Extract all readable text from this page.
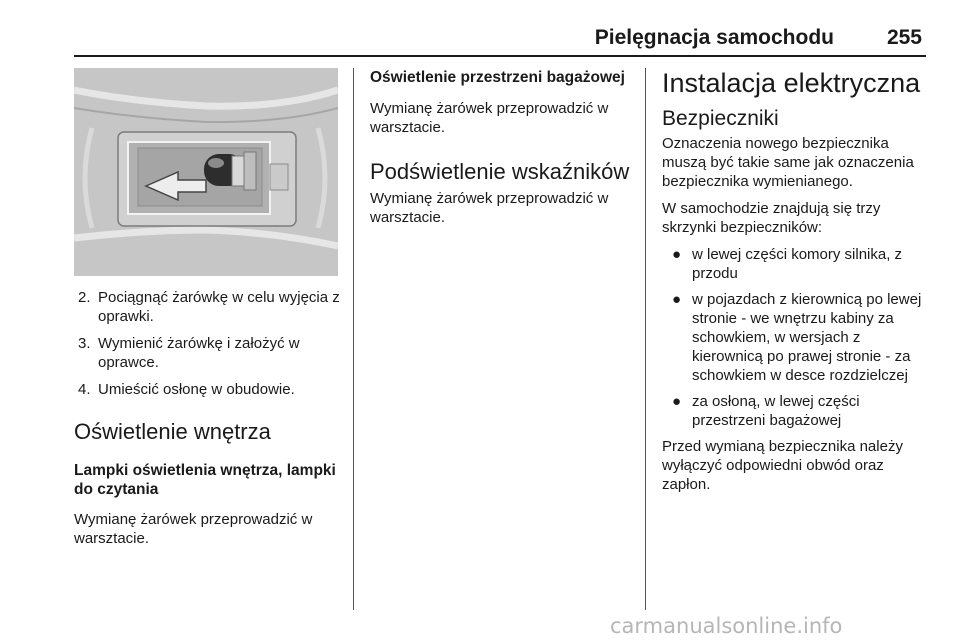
Pielęgnacja samochodu	255
2. Pociągnąć żarówkę w celu wyjęcia z oprawki.
3. Wymienić żarówkę i założyć w oprawce.
4. Umieścić osłonę w obudowie.
Oświetlenie wnętrza
Lampki oświetlenia wnętrza, lampki do czytania

Wymianę żarówek przeprowadzić w warsztacie.

Oświetlenie przestrzeni bagażowej

Wymianę żarówek przeprowadzić w warsztacie.

Podświetlenie wskaźników

Wymianę żarówek przeprowadzić w warsztacie.

Instalacja elektryczna
Bezpieczniki

Oznaczenia nowego bezpiecznika muszą być takie same jak oznaczenia bezpiecznika wymienianego.

W samochodzie znajdują się trzy skrzynki bezpieczników:

● w lewej części komory silnika, z przodu
● w pojazdach z kierownicą po lewej stronie - we wnętrzu kabiny za schowkiem, w wersjach z kierownicą po prawej stronie - za schowkiem w desce rozdzielczej
● za osłoną, w lewej części przestrzeni bagażowej

Przed wymianą bezpiecznika należy wyłączyć odpowiedni obwód oraz zapłon.

carmanualsonline.info
